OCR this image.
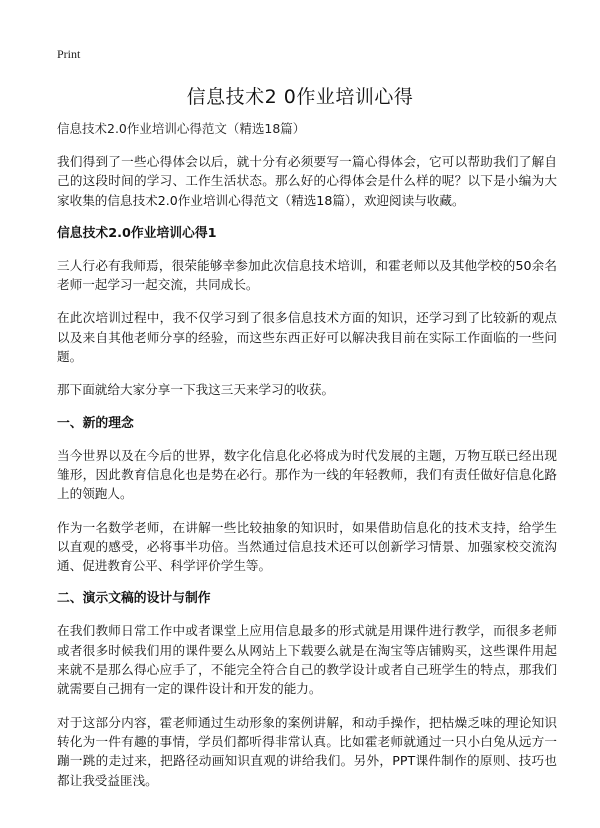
Print
信息技术2 0作业培训心得
信息技术2.0作业培训心得范文（精选18篇）

我们得到了一些心得体会以后，就十分有必须要写一篇心得体会，它可以帮助我们了解自己的这段时间的学习、工作生活状态。那么好的心得体会是什么样的呢？以下是小编为大家收集的信息技术2.0作业培训心得范文（精选18篇），欢迎阅读与收藏。

信息技术2.0作业培训心得1

三人行必有我师焉，很荣能够幸参加此次信息技术培训，和霍老师以及其他学校的50余名老师一起学习一起交流，共同成长。

在此次培训过程中，我不仅学习到了很多信息技术方面的知识，还学习到了比较新的观点以及来自其他老师分享的经验，而这些东西正好可以解决我目前在实际工作面临的一些问题。

那下面就给大家分享一下我这三天来学习的收获。

一、新的理念

当今世界以及在今后的世界，数字化信息化必将成为时代发展的主题，万物互联已经出现雏形，因此教育信息化也是势在必行。那作为一线的年轻教师，我们有责任做好信息化路上的领跑人。

作为一名数学老师，在讲解一些比较抽象的知识时，如果借助信息化的技术支持，给学生以直观的感受，必将事半功倍。当然通过信息技术还可以创新学习情景、加强家校交流沟通、促进教育公平、科学评价学生等。

二、演示文稿的设计与制作

在我们教师日常工作中或者课堂上应用信息最多的形式就是用课件进行教学，而很多老师或者很多时候我们用的课件要么从网站上下载要么就是在淘宝等店铺购买，这些课件用起来就不是那么得心应手了，不能完全符合自己的教学设计或者自己班学生的特点，那我们就需要自己拥有一定的课件设计和开发的能力。

对于这部分内容，霍老师通过生动形象的案例讲解，和动手操作，把枯燥乏味的理论知识转化为一件有趣的事情，学员们都听得非常认真。比如霍老师就通过一只小白兔从远方一蹦一跳的走过来，把路径动画知识直观的讲给我们。另外，PPT课件制作的原则、技巧也都让我受益匪浅。
